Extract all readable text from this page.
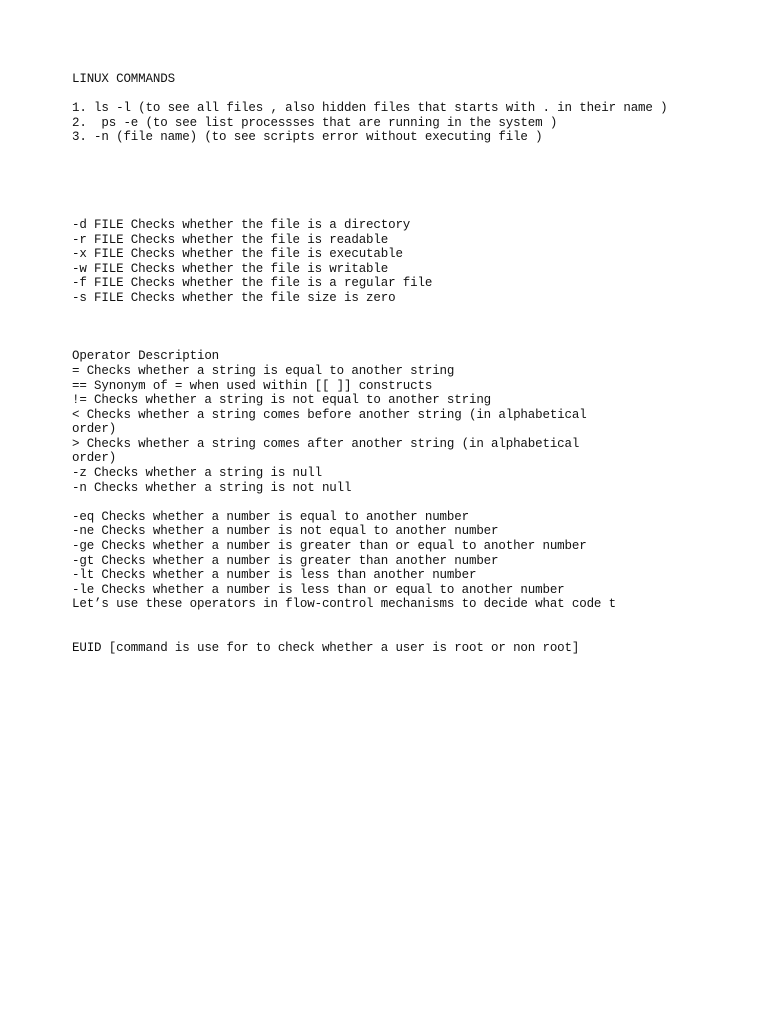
LINUX COMMANDS
1. ls -l (to see all files , also hidden files that starts with . in their name )
2.  ps -e (to see list processses that are running in the system )
3. -n (file name) (to see scripts error without executing file )
-d FILE Checks whether the file is a directory
-r FILE Checks whether the file is readable
-x FILE Checks whether the file is executable
-w FILE Checks whether the file is writable
-f FILE Checks whether the file is a regular file
-s FILE Checks whether the file size is zero
Operator Description
= Checks whether a string is equal to another string
== Synonym of = when used within [[ ]] constructs
!= Checks whether a string is not equal to another string
< Checks whether a string comes before another string (in alphabetical
order)
> Checks whether a string comes after another string (in alphabetical
order)
-z Checks whether a string is null
-n Checks whether a string is not null
-eq Checks whether a number is equal to another number
-ne Checks whether a number is not equal to another number
-ge Checks whether a number is greater than or equal to another number
-gt Checks whether a number is greater than another number
-lt Checks whether a number is less than another number
-le Checks whether a number is less than or equal to another number
Let’s use these operators in flow-control mechanisms to decide what code t
EUID [command is use for to check whether a user is root or non root]
